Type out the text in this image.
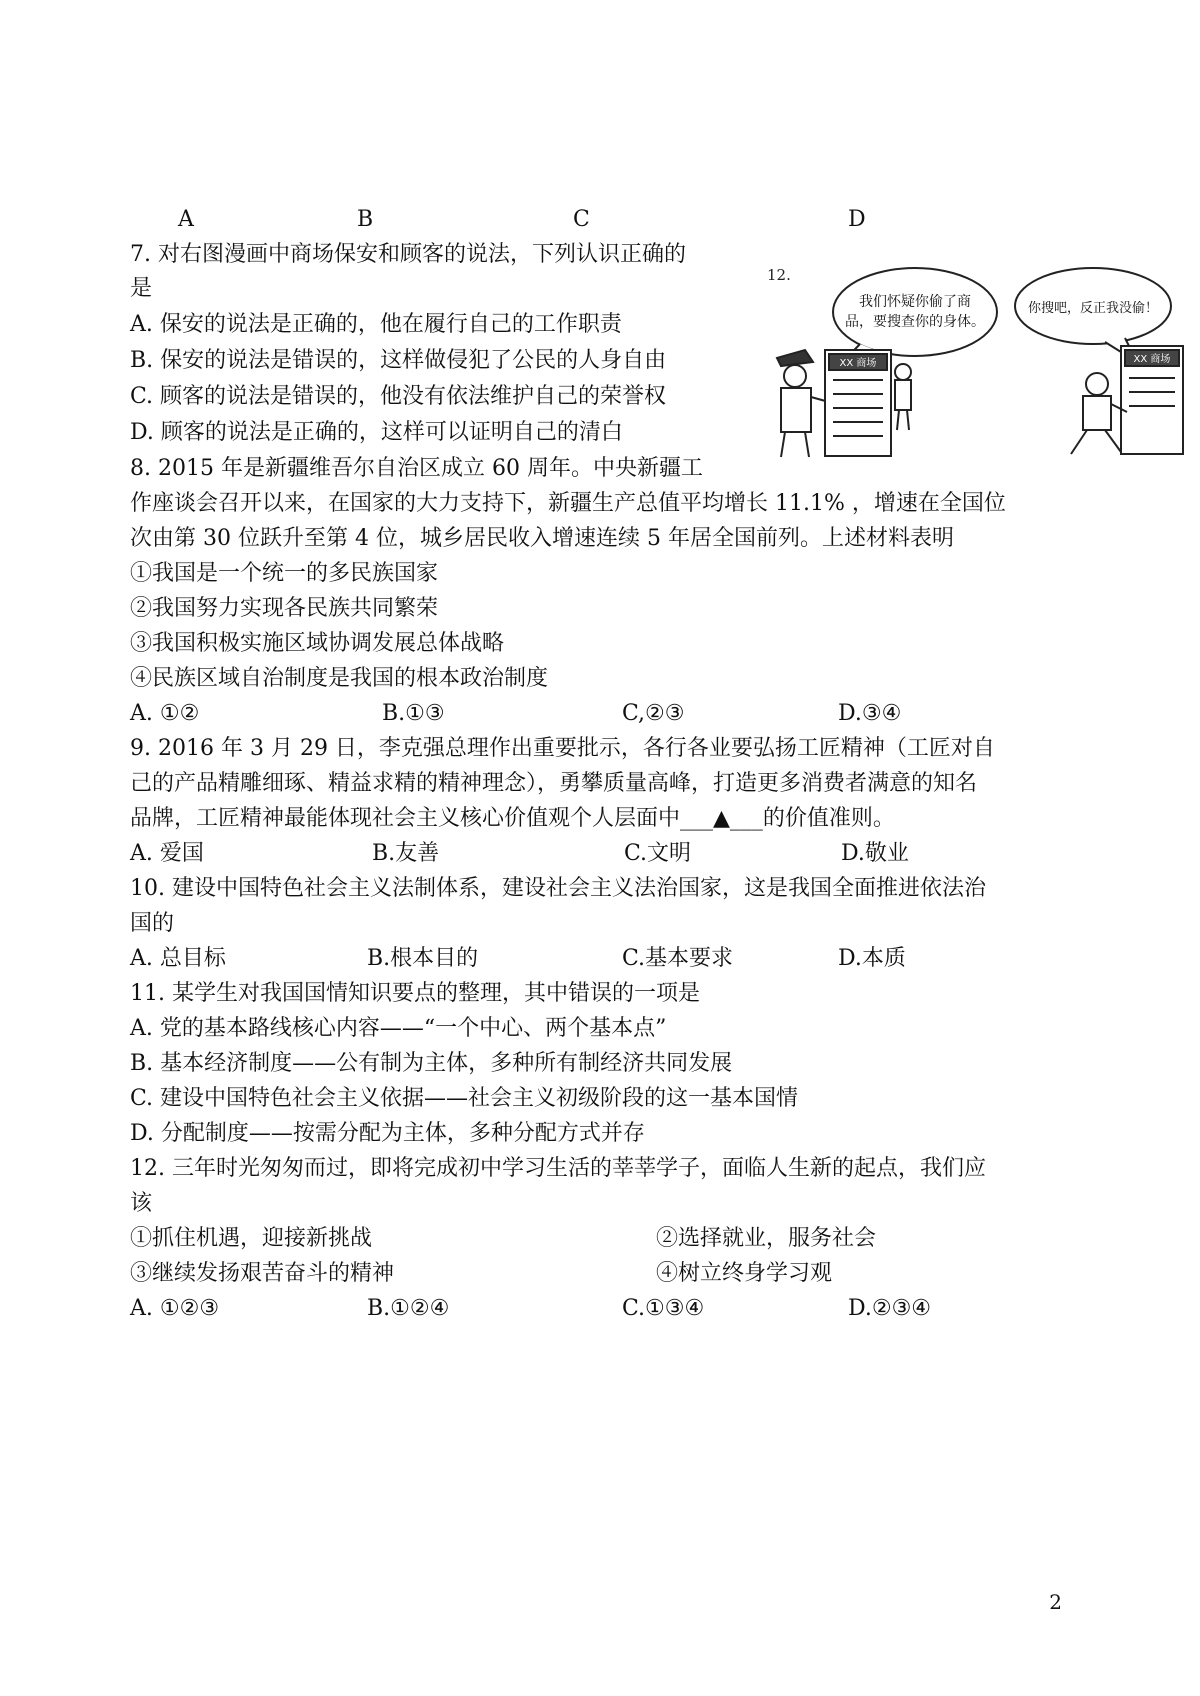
A	B	C	D
7. 对右图漫画中商场保安和顾客的说法，下列认识正确的
是
A. 保安的说法是正确的，他在履行自己的工作职责
B. 保安的说法是错误的，这样做侵犯了公民的人身自由
C. 顾客的说法是错误的，他没有依法维护自己的荣誉权
D. 顾客的说法是正确的，这样可以证明自己的清白
12.
我们怀疑你偷了商
品，要搜查你的身体。
你搜吧，反正我没偷！
XX 商场	XX 商场
8. 2015 年是新疆维吾尔自治区成立 60 周年。中央新疆工
作座谈会召开以来，在国家的大力支持下，新疆生产总值平均增长 11.1% ，增速在全国位
次由第 30 位跃升至第 4 位，城乡居民收入增速连续 5 年居全国前列。上述材料表明
①我国是一个统一的多民族国家
②我国努力实现各民族共同繁荣
③我国积极实施区域协调发展总体战略
④民族区域自治制度是我国的根本政治制度
A. ①②	B.①③	C,②③	D.③④
9. 2016 年 3 月 29 日，李克强总理作出重要批示，各行各业要弘扬工匠精神（工匠对自
己的产品精雕细琢、精益求精的精神理念），勇攀质量高峰，打造更多消费者满意的知名
品牌，工匠精神最能体现社会主义核心价值观个人层面中___▲___的价值准则。
A. 爱国	B.友善	C.文明	D.敬业
10. 建设中国特色社会主义法制体系，建设社会主义法治国家，这是我国全面推进依法治
国的
A. 总目标	B.根本目的	C.基本要求	D.本质
11. 某学生对我国国情知识要点的整理，其中错误的一项是
A. 党的基本路线核心内容——“一个中心、两个基本点”
B. 基本经济制度——公有制为主体，多种所有制经济共同发展
C. 建设中国特色社会主义依据——社会主义初级阶段的这一基本国情
D. 分配制度——按需分配为主体，多种分配方式并存
12. 三年时光匆匆而过，即将完成初中学习生活的莘莘学子，面临人生新的起点，我们应
该
①抓住机遇，迎接新挑战	②选择就业，服务社会
③继续发扬艰苦奋斗的精神	④树立终身学习观
A. ①②③	B.①②④	C.①③④	D.②③④
2
